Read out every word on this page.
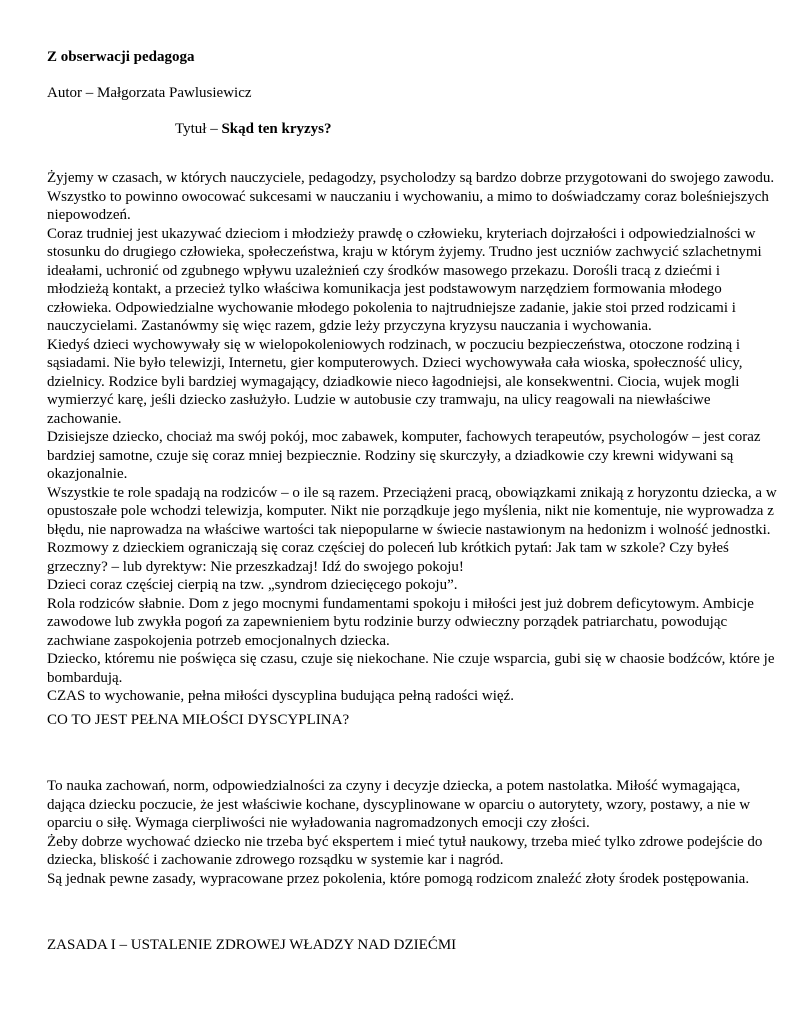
Z obserwacji pedagoga

Autor – Małgorzata Pawlusiewicz

Tytuł – Skąd ten kryzys?

Żyjemy w czasach, w których nauczyciele, pedagodzy, psycholodzy są bardzo dobrze przygotowani do swojego zawodu. Wszystko to powinno owocować sukcesami w nauczaniu i wychowaniu, a mimo to doświadczamy coraz boleśniejszych niepowodzeń.

Coraz trudniej jest ukazywać dzieciom i młodzieży prawdę o człowieku, kryteriach dojrzałości i odpowiedzialności w stosunku do drugiego człowieka, społeczeństwa, kraju w którym żyjemy. Trudno jest uczniów zachwycić szlachetnymi ideałami, uchronić od zgubnego wpływu uzależnień czy środków masowego przekazu. Dorośli tracą z dziećmi i młodzieżą kontakt, a przecież tylko właściwa komunikacja jest podstawowym narzędziem formowania młodego człowieka. Odpowiedzialne wychowanie młodego pokolenia to najtrudniejsze zadanie, jakie stoi przed rodzicami i nauczycielami. Zastanówmy się więc razem, gdzie leży przyczyna kryzysu nauczania i wychowania.

Kiedyś dzieci wychowywały się w wielopokoleniowych rodzinach, w poczuciu bezpieczeństwa, otoczone rodziną i sąsiadami. Nie było telewizji, Internetu, gier komputerowych. Dzieci wychowywała cała wioska, społeczność ulicy, dzielnicy. Rodzice byli bardziej wymagający, dziadkowie nieco łagodniejsi, ale konsekwentni. Ciocia, wujek mogli wymierzyć karę, jeśli dziecko zasłużyło. Ludzie w autobusie czy tramwaju, na ulicy reagowali na niewłaściwe zachowanie.

Dzisiejsze dziecko, chociaż ma swój pokój, moc zabawek, komputer, fachowych terapeutów, psychologów – jest coraz bardziej samotne, czuje się coraz mniej bezpiecznie. Rodziny się skurczyły, a dziadkowie czy krewni widywani są okazjonalnie.

Wszystkie te role spadają na rodziców – o ile są razem. Przeciążeni pracą, obowiązkami znikają z horyzontu dziecka, a w opustoszałe pole wchodzi telewizja, komputer. Nikt nie porządkuje jego myślenia, nikt nie komentuje, nie wyprowadza z błędu, nie naprowadza na właściwe wartości tak niepopularne w świecie nastawionym na hedonizm i wolność jednostki.

Rozmowy z dzieckiem ograniczają się coraz częściej do poleceń lub krótkich pytań: Jak tam w szkole? Czy byłeś grzeczny? – lub dyrektyw: Nie przeszkadzaj! Idź do swojego pokoju!

Dzieci coraz częściej cierpią na tzw. „syndrom dziecięcego pokoju”.

Rola rodziców słabnie. Dom z jego mocnymi fundamentami spokoju i miłości jest już dobrem deficytowym. Ambicje zawodowe lub zwykła pogoń za zapewnieniem bytu rodzinie burzy odwieczny porządek patriarchatu, powodując zachwiane zaspokojenia potrzeb emocjonalnych dziecka.

Dziecko, któremu nie poświęca się czasu, czuje się niekochane. Nie czuje wsparcia, gubi się w chaosie bodźców, które je bombardują.

CZAS to wychowanie, pełna miłości dyscyplina budująca pełną radości więź.

CO TO JEST PEŁNA MIŁOŚCI DYSCYPLINA?

To nauka zachowań, norm, odpowiedzialności za czyny i decyzje dziecka, a potem nastolatka. Miłość wymagająca, dająca dziecku poczucie, że jest właściwie kochane, dyscyplinowane w oparciu o autorytety, wzory, postawy, a nie w oparciu o siłę. Wymaga cierpliwości nie wyładowania nagromadzonych emocji czy złości.

Żeby dobrze wychować dziecko nie trzeba być ekspertem i mieć tytuł naukowy, trzeba mieć tylko zdrowe podejście do dziecka, bliskość i zachowanie zdrowego rozsądku w systemie kar i nagród.

Są jednak pewne zasady, wypracowane przez pokolenia, które pomogą rodzicom znaleźć złoty środek postępowania.

ZASADA I – USTALENIE ZDROWEJ WŁADZY NAD DZIEĆMI
